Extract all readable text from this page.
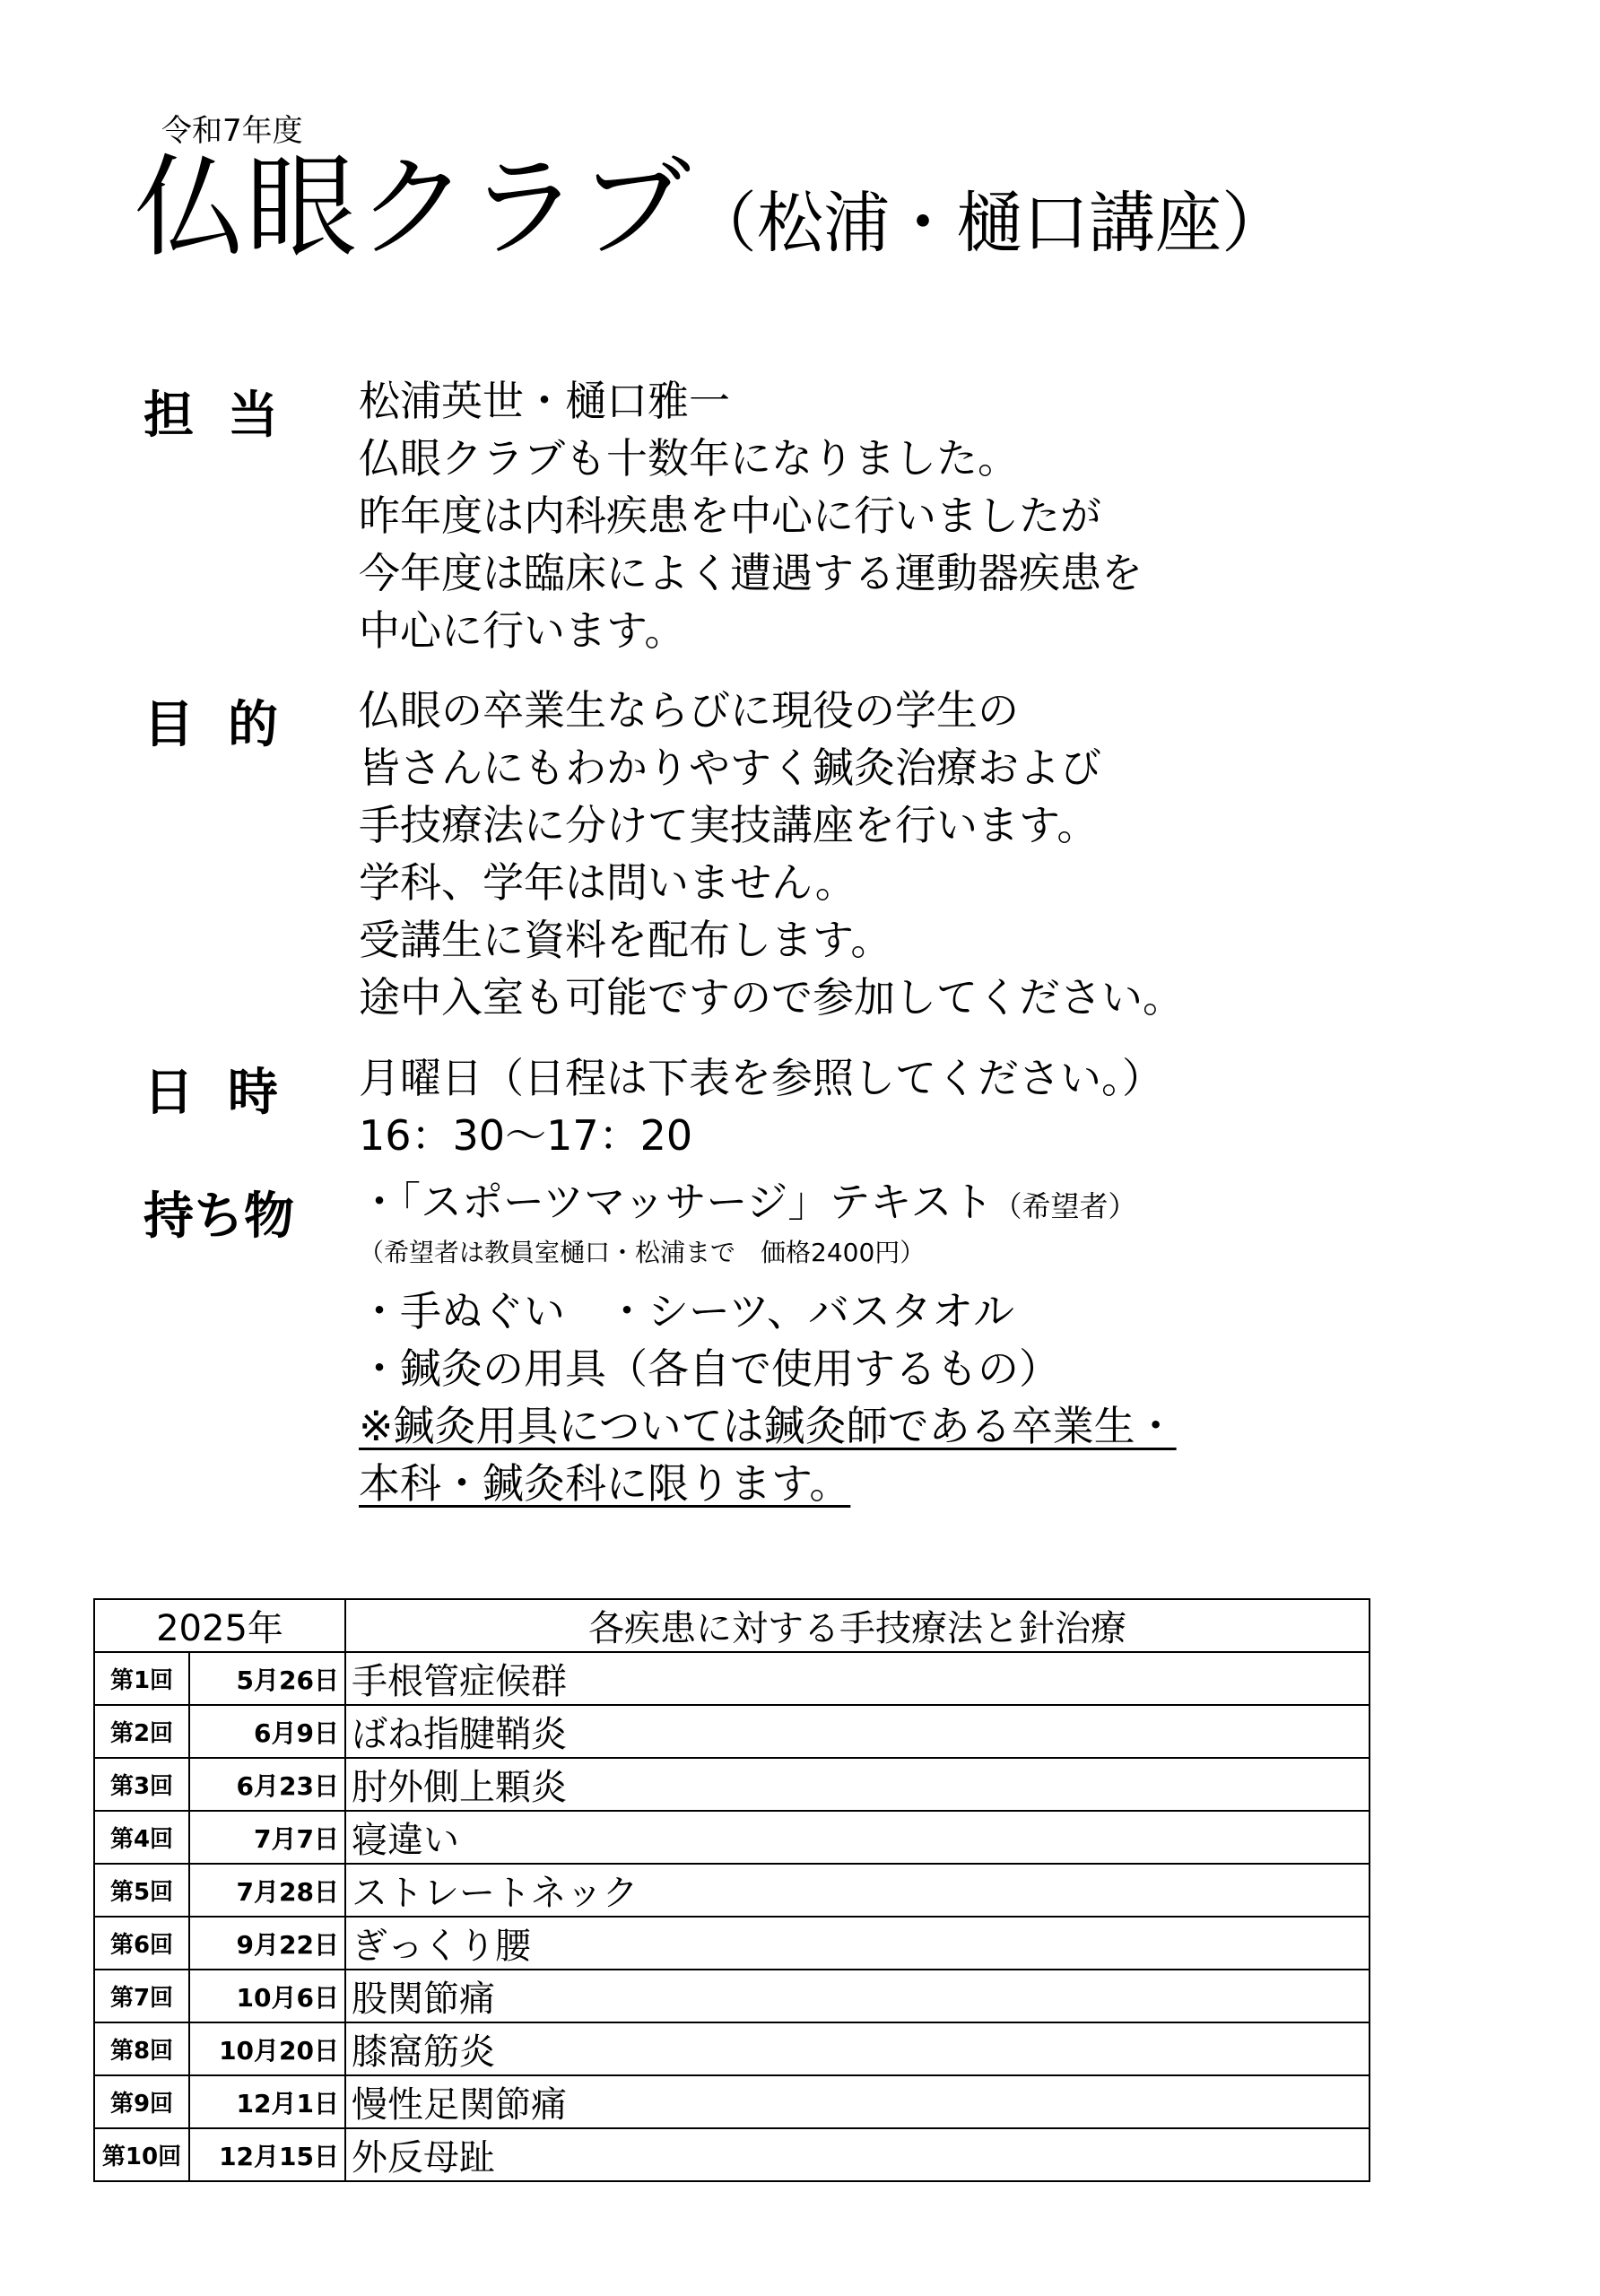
令和7年度
仏眼クラブ（松浦・樋口講座）
担当 松浦英世・樋口雅一
仏眼クラブも十数年になりました。
昨年度は内科疾患を中心に行いましたが
今年度は臨床によく遭遇する運動器疾患を
中心に行います。
目的 仏眼の卒業生ならびに現役の学生の
皆さんにもわかりやすく鍼灸治療および
手技療法に分けて実技講座を行います。
学科、学年は問いません。
受講生に資料を配布します。
途中入室も可能ですので参加してください。
日時 月曜日（日程は下表を参照してください。）
16：30〜17：20
持ち物	・「スポーツマッサージ」テキスト（希望者）
（希望者は教員室樋口・松浦まで　価格2400円）
・手ぬぐい　・シーツ、バスタオル
・鍼灸の用具（各自で使用するもの）
※鍼灸用具については鍼灸師である卒業生・
本科・鍼灸科に限ります。
2025年		各疾患に対する手技療法と針治療
第1回	5月26日	手根管症候群
第2回	6月9日	ばね指腱鞘炎
第3回	6月23日	肘外側上顆炎
第4回	7月7日	寝違い
第5回	7月28日	ストレートネック
第6回	9月22日	ぎっくり腰
第7回	10月6日	股関節痛
第8回	10月20日	膝窩筋炎
第9回	12月1日	慢性足関節痛
第10回	12月15日	外反母趾
